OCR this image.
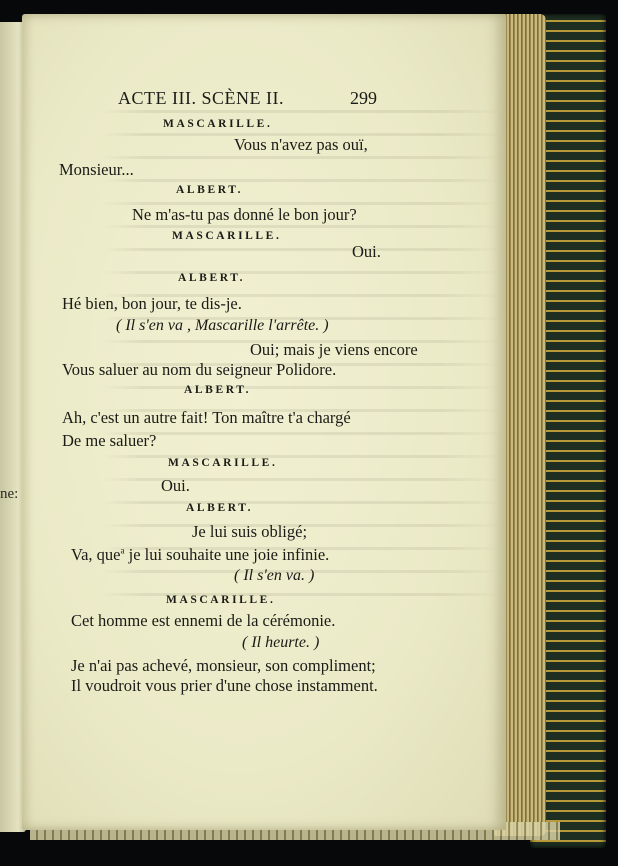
ne:
ACTE III. SCÈNE II.	299
MASCARILLE.
Vous n'avez pas ouï,
Monsieur...
ALBERT.
Ne m'as-tu pas donné le bon jour?
MASCARILLE.
Oui.
ALBERT.
Hé bien, bon jour, te dis-je.
( Il s'en va , Mascarille l'arrête. )
Oui; mais je viens encore
Vous saluer au nom du seigneur Polidore.
ALBERT.
Ah, c'est un autre fait! Ton maître t'a chargé
De me saluer?
MASCARILLE.
Oui.
ALBERT.
Je lui suis obligé;
Va, que$^a$ je lui souhaite une joie infinie.
( Il s'en va. )
MASCARILLE.
Cet homme est ennemi de la cérémonie.
( Il heurte. )
Je n'ai pas achevé, monsieur, son compliment;
Il voudroit vous prier d'une chose instamment.
